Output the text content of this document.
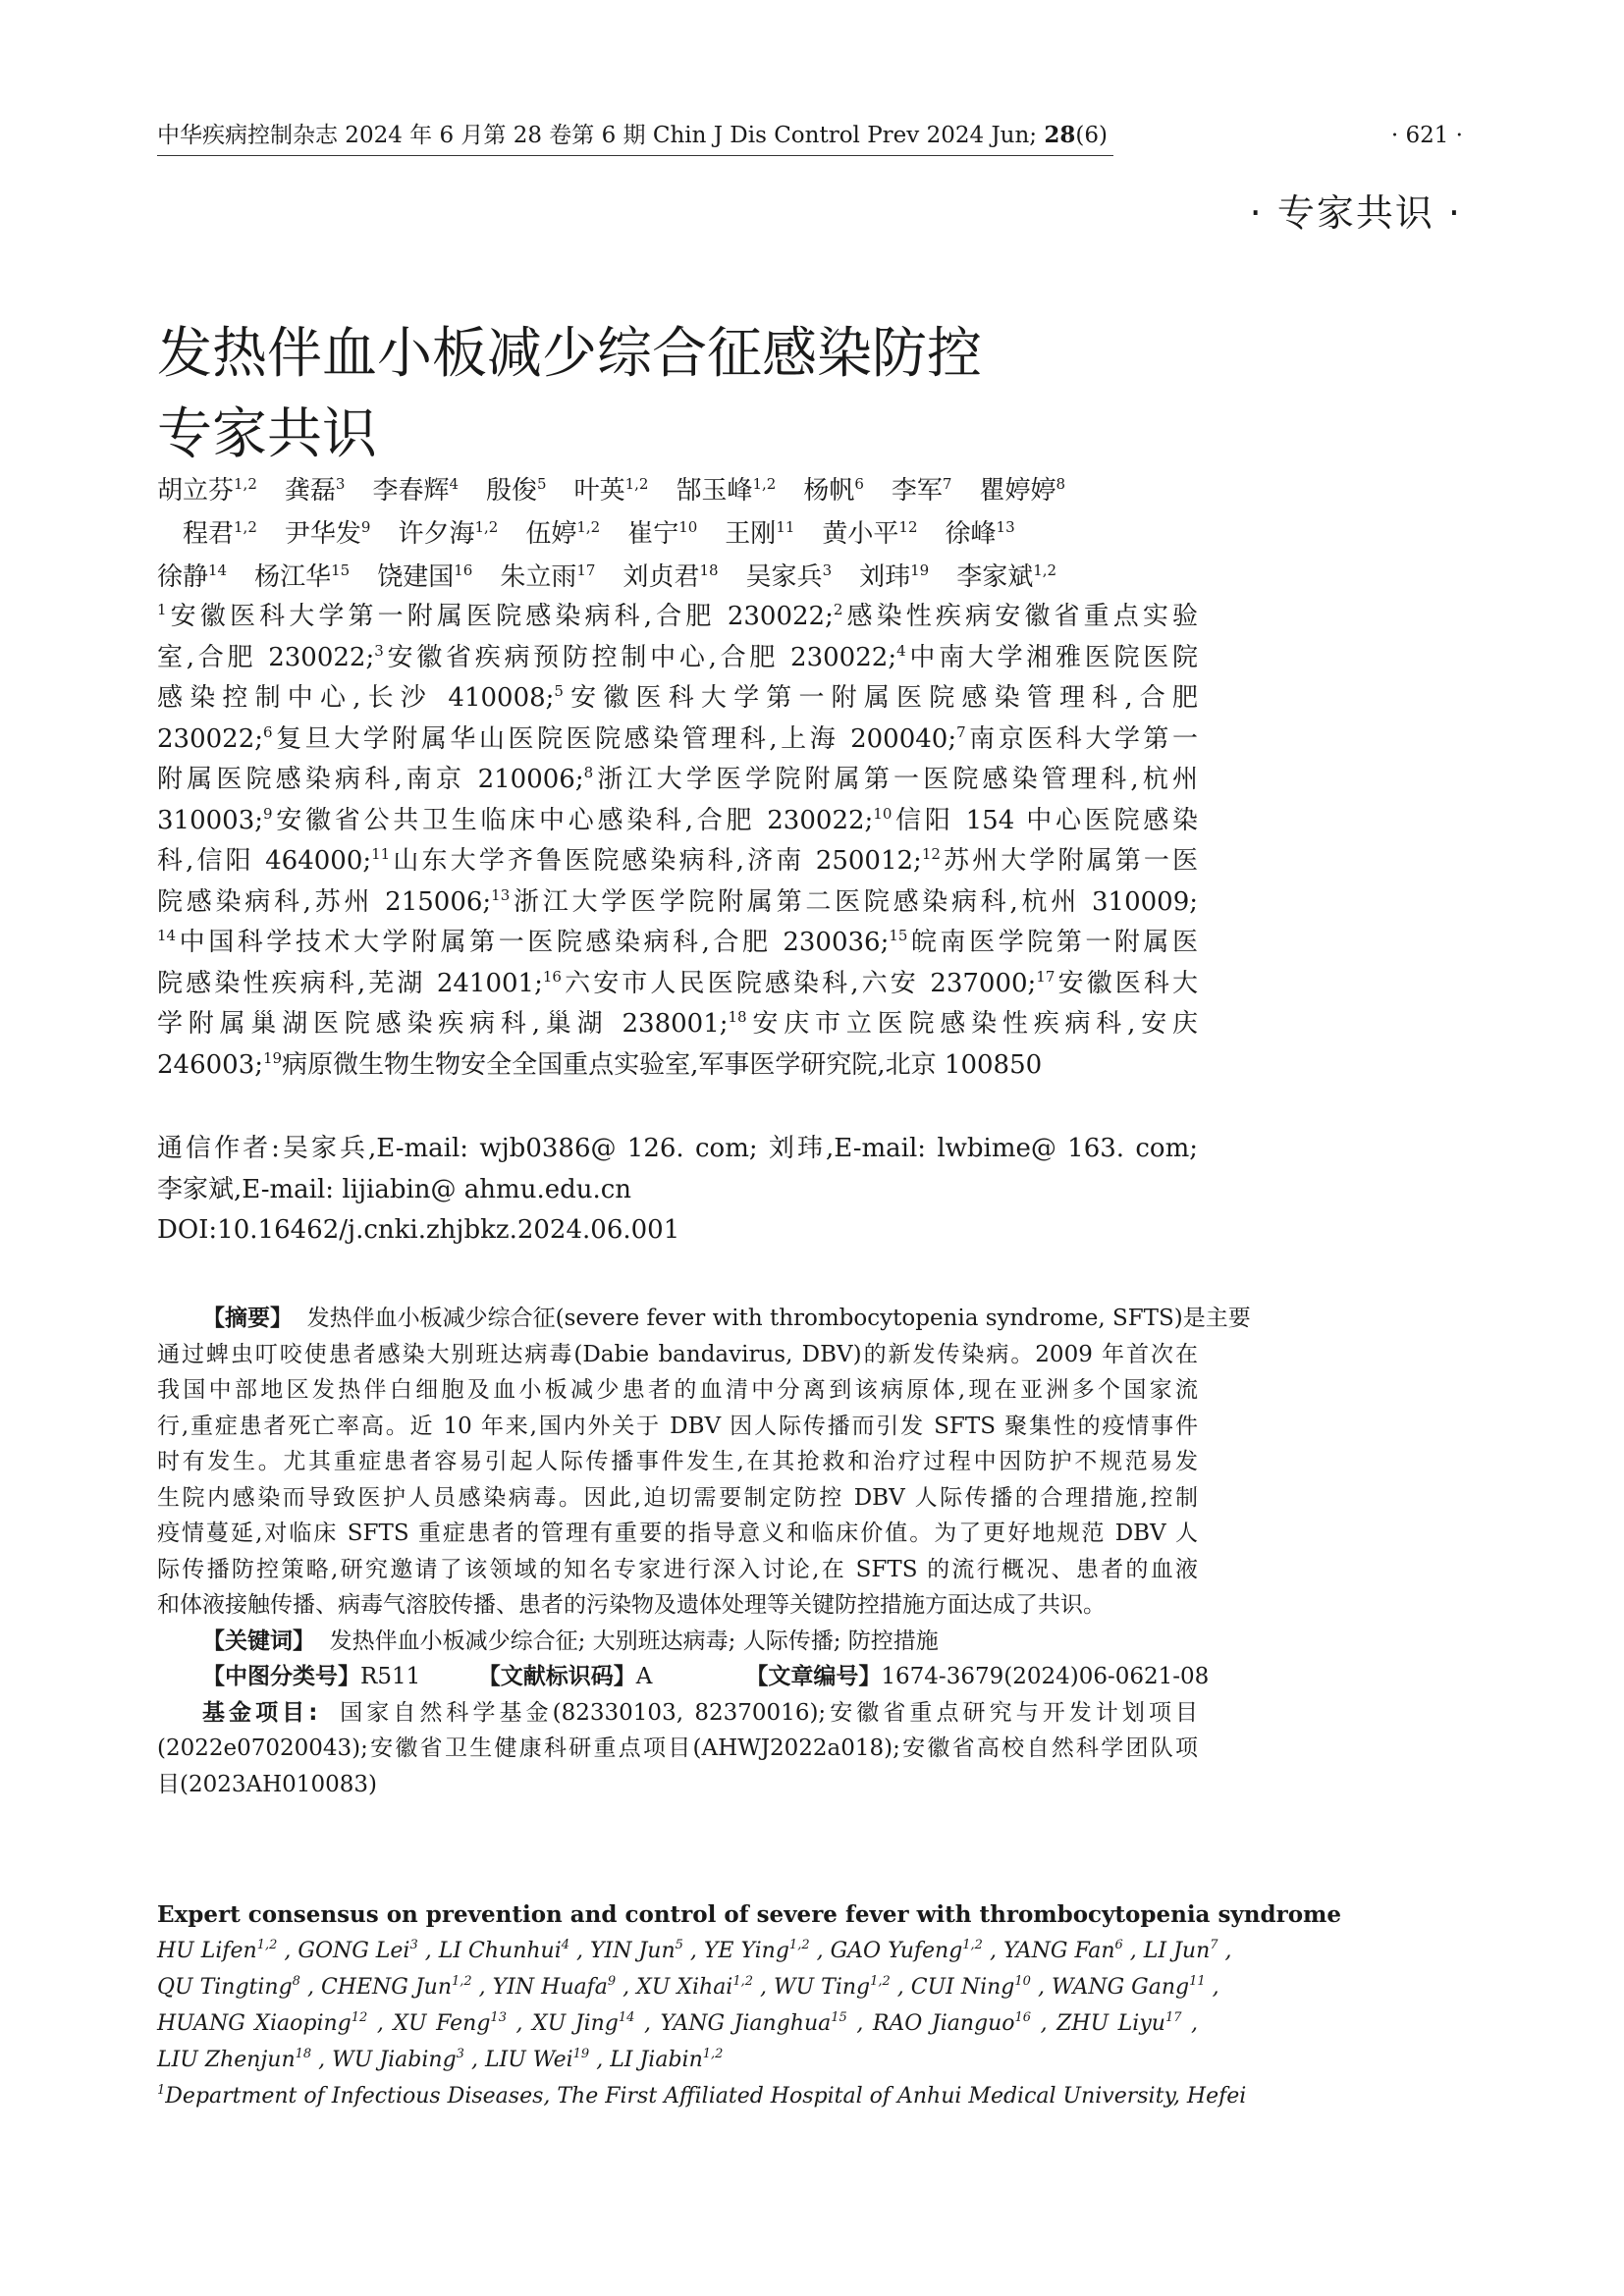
中华疾病控制杂志 2024 年 6 月第 28 卷第 6 期 Chin J Dis Control Prev 2024 Jun; 28(6)	· 621 ·
· 专家共识 ·
发热伴血小板减少综合征感染防控
专家共识
胡立芬$^{1,2}$ 龚磊$^3$ 李春辉$^4$ 殷俊$^5$ 叶英$^{1,2}$ 郜玉峰$^{1,2}$ 杨帆$^6$ 李军$^7$ 瞿婷婷$^8$
程君$^{1,2}$ 尹华发$^9$ 许夕海$^{1,2}$ 伍婷$^{1,2}$ 崔宁$^{10}$ 王刚$^{11}$ 黄小平$^{12}$ 徐峰$^{13}$
徐静$^{14}$ 杨江华$^{15}$ 饶建国$^{16}$ 朱立雨$^{17}$ 刘贞君$^{18}$ 吴家兵$^3$ 刘玮$^{19}$ 李家斌$^{1,2}$
$^1$安徽医科大学第一附属医院感染病科,合肥 230022;$^2$感染性疾病安徽省重点实验
室,合肥 230022;$^3$安徽省疾病预防控制中心,合肥 230022;$^4$中南大学湘雅医院医院
感染控制中心,长沙 410008;$^5$安徽医科大学第一附属医院感染管理科,合肥
230022;$^6$复旦大学附属华山医院医院感染管理科,上海 200040;$^7$南京医科大学第一
附属医院感染病科,南京 210006;$^8$浙江大学医学院附属第一医院感染管理科,杭州
310003;$^9$安徽省公共卫生临床中心感染科,合肥 230022;$^{10}$信阳 154 中心医院感染
科,信阳 464000;$^{11}$山东大学齐鲁医院感染病科,济南 250012;$^{12}$苏州大学附属第一医
院感染病科,苏州 215006;$^{13}$浙江大学医学院附属第二医院感染病科,杭州 310009;
$^{14}$中国科学技术大学附属第一医院感染病科,合肥 230036;$^{15}$皖南医学院第一附属医
院感染性疾病科,芜湖 241001;$^{16}$六安市人民医院感染科,六安 237000;$^{17}$安徽医科大
学附属巢湖医院感染疾病科,巢湖 238001;$^{18}$安庆市立医院感染性疾病科,安庆
246003;$^{19}$病原微生物生物安全全国重点实验室,军事医学研究院,北京 100850
通信作者:吴家兵,E-mail: wjb0386@ 126. com; 刘玮,E-mail: lwbime@ 163. com;
李家斌,E-mail: lijiabin@ ahmu.edu.cn
DOI:10.16462/j.cnki.zhjbkz.2024.06.001
【摘要】 发热伴血小板减少综合征(severe fever with thrombocytopenia syndrome, SFTS)是主要
通过蜱虫叮咬使患者感染大别班达病毒(Dabie bandavirus, DBV)的新发传染病。2009 年首次在
我国中部地区发热伴白细胞及血小板减少患者的血清中分离到该病原体,现在亚洲多个国家流
行,重症患者死亡率高。近 10 年来,国内外关于 DBV 因人际传播而引发 SFTS 聚集性的疫情事件
时有发生。尤其重症患者容易引起人际传播事件发生,在其抢救和治疗过程中因防护不规范易发
生院内感染而导致医护人员感染病毒。因此,迫切需要制定防控 DBV 人际传播的合理措施,控制
疫情蔓延,对临床 SFTS 重症患者的管理有重要的指导意义和临床价值。为了更好地规范 DBV 人
际传播防控策略,研究邀请了该领域的知名专家进行深入讨论,在 SFTS 的流行概况、患者的血液
和体液接触传播、病毒气溶胶传播、患者的污染物及遗体处理等关键防控措施方面达成了共识。
【关键词】 发热伴血小板减少综合征; 大别班达病毒; 人际传播; 防控措施
【中图分类号】R511	【文献标识码】A	【文章编号】1674-3679(2024)06-0621-08
基金项目: 国家自然科学基金(82330103, 82370016);安徽省重点研究与开发计划项目
(2022e07020043);安徽省卫生健康科研重点项目(AHWJ2022a018);安徽省高校自然科学团队项
目(2023AH010083)
Expert consensus on prevention and control of severe fever with thrombocytopenia syndrome
HU Lifen$^{1,2}$ , GONG Lei$^3$ , LI Chunhui$^4$ , YIN Jun$^5$ , YE Ying$^{1,2}$ , GAO Yufeng$^{1,2}$ , YANG Fan$^6$ , LI Jun$^7$ ,
QU Tingting$^8$ , CHENG Jun$^{1,2}$ , YIN Huafa$^9$ , XU Xihai$^{1,2}$ , WU Ting$^{1,2}$ , CUI Ning$^{10}$ , WANG Gang$^{11}$ ,
HUANG Xiaoping$^{12}$ , XU Feng$^{13}$ , XU Jing$^{14}$ , YANG Jianghua$^{15}$ , RAO Jianguo$^{16}$ , ZHU Liyu$^{17}$ ,
LIU Zhenjun$^{18}$ , WU Jiabing$^3$ , LIU Wei$^{19}$ , LI Jiabin$^{1,2}$
$^1$Department of Infectious Diseases, The First Affiliated Hospital of Anhui Medical University, Hefei
